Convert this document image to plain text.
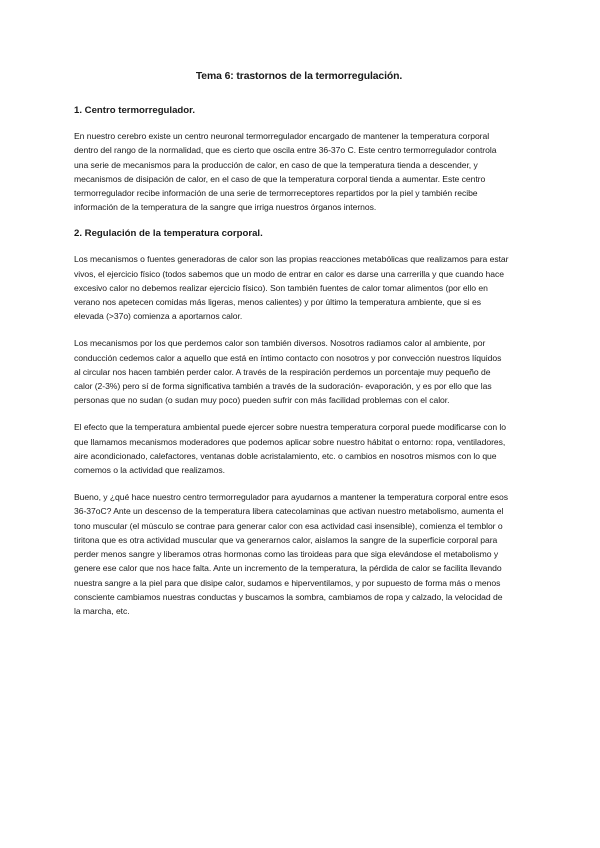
Tema 6: trastornos de la termorregulación.
1. Centro termorregulador.

En nuestro cerebro existe un centro neuronal termorregulador encargado de mantener la temperatura corporal dentro del rango de la normalidad, que es cierto que oscila entre 36-37o C. Este centro termorregulador controla una serie de mecanismos para la producción de calor, en caso de que la temperatura tienda a descender, y mecanismos de disipación de calor, en el caso de que la temperatura corporal tienda a aumentar. Este centro termorregulador recibe información de una serie de termorreceptores repartidos por la piel y también recibe información de la temperatura de la sangre que irriga nuestros órganos internos.

2. Regulación de la temperatura corporal.

Los mecanismos o fuentes generadoras de calor son las propias reacciones metabólicas que realizamos para estar vivos, el ejercicio físico (todos sabemos que un modo de entrar en calor es darse una carrerilla y que cuando hace excesivo calor no debemos realizar ejercicio físico). Son también fuentes de calor tomar alimentos (por ello en verano nos apetecen comidas más ligeras, menos calientes) y por último la temperatura ambiente, que si es elevada (>37o) comienza a aportarnos calor.

Los mecanismos por los que perdemos calor son también diversos. Nosotros radiamos calor al ambiente, por conducción cedemos calor a aquello que está en íntimo contacto con nosotros y por convección nuestros líquidos al circular nos hacen también perder calor. A través de la respiración perdemos un porcentaje muy pequeño de calor (2-3%) pero sí de forma significativa también a través de la sudoración- evaporación, y es por ello que las personas que no sudan (o sudan muy poco) pueden sufrir con más facilidad problemas con el calor.

El efecto que la temperatura ambiental puede ejercer sobre nuestra temperatura corporal puede modificarse con lo que llamamos mecanismos moderadores que podemos aplicar sobre nuestro hábitat o entorno: ropa, ventiladores, aire acondicionado, calefactores, ventanas doble acristalamiento, etc. o cambios en nosotros mismos con lo que comemos o la actividad que realizamos.

Bueno, y ¿qué hace nuestro centro termorregulador para ayudarnos a mantener la temperatura corporal entre esos 36-37oC? Ante un descenso de la temperatura libera catecolaminas que activan nuestro metabolismo, aumenta el tono muscular (el músculo se contrae para generar calor con esa actividad casi insensible), comienza el temblor o tiritona que es otra actividad muscular que va generarnos calor, aislamos la sangre de la superficie corporal para perder menos sangre y liberamos otras hormonas como las tiroideas para que siga elevándose el metabolismo y genere ese calor que nos hace falta. Ante un incremento de la temperatura, la pérdida de calor se facilita llevando nuestra sangre a la piel para que disipe calor, sudamos e hiperventilamos, y por supuesto de forma más o menos consciente cambiamos nuestras conductas y buscamos la sombra, cambiamos de ropa y calzado, la velocidad de la marcha, etc.
